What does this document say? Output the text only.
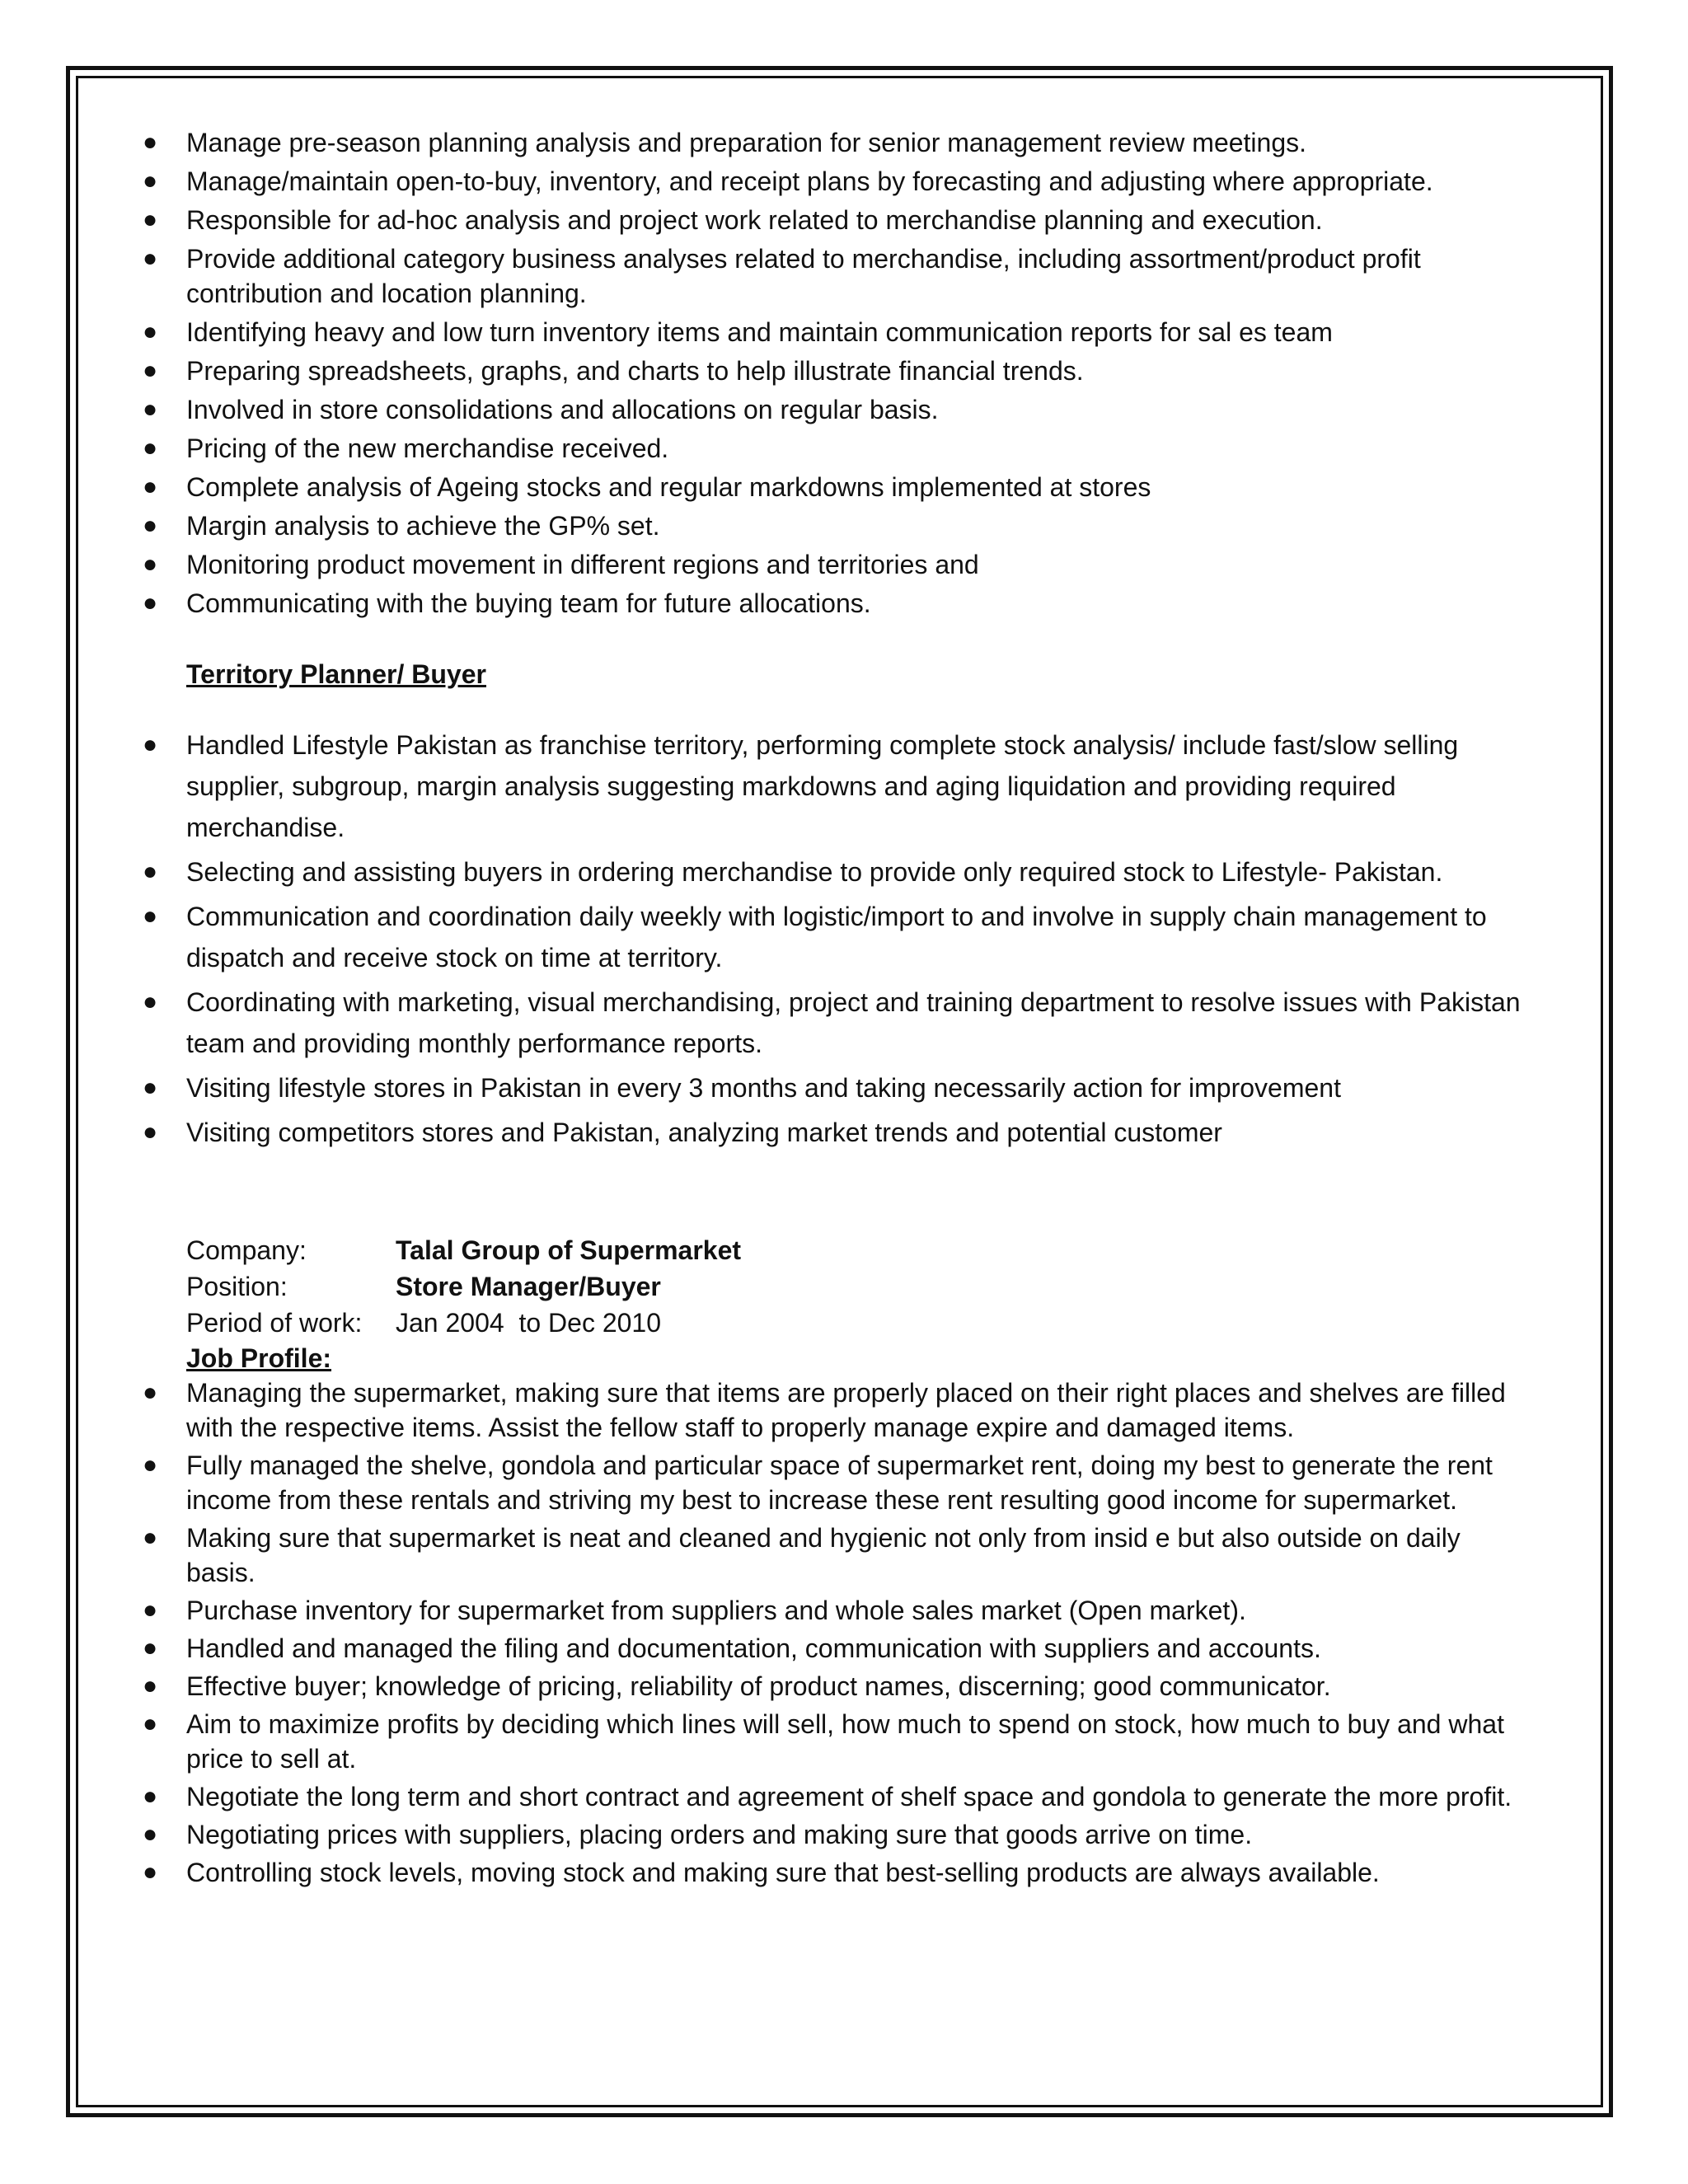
● Manage pre-season planning analysis and preparation for senior management review meetings.
● Manage/maintain open-to-buy, inventory, and receipt plans by forecasting and adjusting where appropriate.
● Responsible for ad-hoc analysis and project work related to merchandise planning and execution.
● Provide additional category business analyses related to merchandise, including assortment/product profit contribution and location planning.
● Identifying heavy and low turn inventory items and maintain communication reports for sal es team
● Preparing spreadsheets, graphs, and charts to help illustrate financial trends.
● Involved in store consolidations and allocations on regular basis.
● Pricing of the new merchandise received.
● Complete analysis of Ageing stocks and regular markdowns implemented at stores
● Margin analysis to achieve the GP% set.
● Monitoring product movement in different regions and territories and
● Communicating with the buying team for future allocations.
Territory Planner/ Buyer
● Handled Lifestyle Pakistan as franchise territory, performing complete stock analysis/ include fast/slow selling supplier, subgroup, margin analysis suggesting markdowns and aging liquidation and providing required merchandise.
● Selecting and assisting buyers in ordering merchandise to provide only required stock to Lifestyle- Pakistan.
● Communication and coordination daily weekly with logistic/import to and involve in supply chain management to dispatch and receive stock on time at territory.
● Coordinating with marketing, visual merchandising, project and training department to resolve issues with Pakistan team and providing monthly performance reports.
● Visiting lifestyle stores in Pakistan in every 3 months and taking necessarily action for improvement
● Visiting competitors stores and Pakistan, analyzing market trends and potential customer
Company:	Talal Group of Supermarket
Position:	Store Manager/Buyer
Period of work:	Jan 2004  to Dec 2010
Job Profile:
● Managing the supermarket, making sure that items are properly placed on their right places and shelves are filled with the respective items. Assist the fellow staff to properly manage expire and damaged items.
● Fully managed the shelve, gondola and particular space of supermarket rent, doing my best to generate the rent income from these rentals and striving my best to increase these rent resulting good income for supermarket.
● Making sure that supermarket is neat and cleaned and hygienic not only from insid e but also outside on daily basis.
● Purchase inventory for supermarket from suppliers and whole sales market (Open market).
● Handled and managed the filing and documentation, communication with suppliers and accounts.
● Effective buyer; knowledge of pricing, reliability of product names, discerning; good communicator.
● Aim to maximize profits by deciding which lines will sell, how much to spend on stock, how much to buy and what price to sell at.
● Negotiate the long term and short contract and agreement of shelf space and gondola to generate the more profit.
● Negotiating prices with suppliers, placing orders and making sure that goods arrive on time.
● Controlling stock levels, moving stock and making sure that best-selling products are always available.
